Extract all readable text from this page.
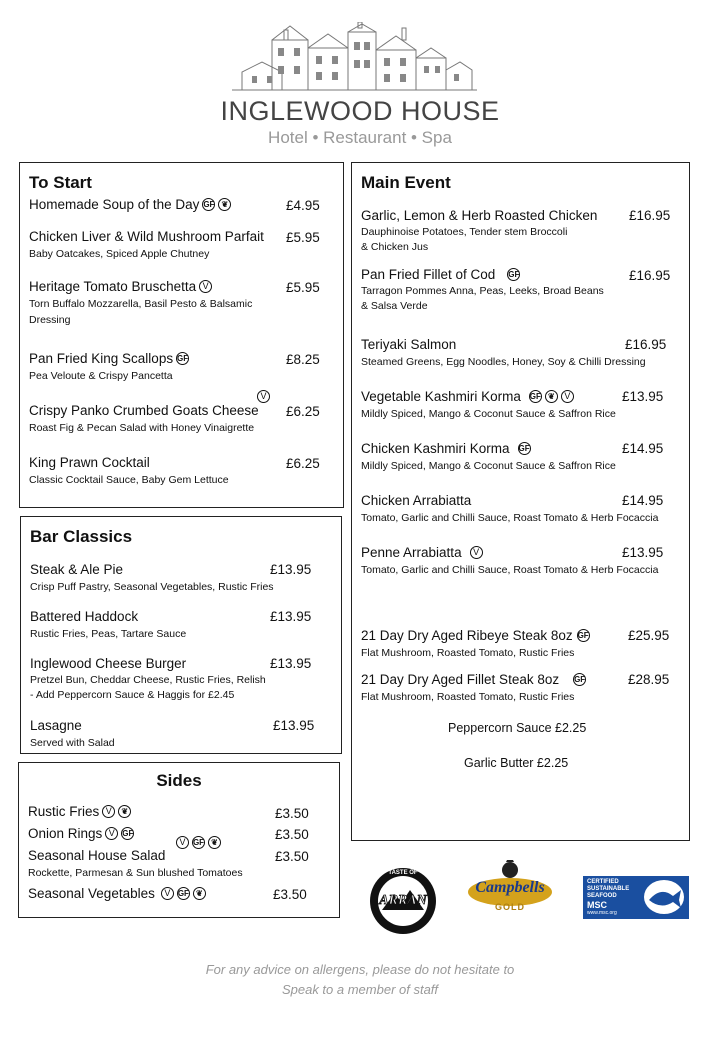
INGLEWOOD HOUSE
Hotel • Restaurant • Spa
To Start
Homemade Soup of the Day GF ❦	£4.95
Chicken Liver & Wild Mushroom Parfait
Baby Oatcakes, Spiced Apple Chutney
£5.95
Heritage Tomato Bruschetta V
Torn Buffalo Mozzarella, Basil Pesto & Balsamic Dressing
£5.95
Pan Fried King Scallops GF
Pea Veloute & Crispy Pancetta
£8.25
V
Crispy Panko Crumbed Goats Cheese
Roast Fig & Pecan Salad with Honey Vinaigrette
£6.25
King Prawn Cocktail
Classic Cocktail Sauce, Baby Gem Lettuce
£6.25
Bar Classics
Steak & Ale Pie
Crisp Puff Pastry, Seasonal Vegetables, Rustic Fries
£13.95
Battered Haddock
Rustic Fries, Peas, Tartare Sauce
£13.95
Inglewood Cheese Burger
Pretzel Bun, Cheddar Cheese, Rustic Fries, Relish
- Add Peppercorn Sauce & Haggis for £2.45
£13.95
Lasagne
Served with Salad
£13.95
Sides
Rustic Fries V	❦	£3.50
Onion Rings V GF	£3.50
V GF ❦
Seasonal House Salad
Rockette, Parmesan & Sun blushed Tomatoes
£3.50
Seasonal Vegetables	V GF ❦	£3.50
Main Event
Garlic, Lemon & Herb Roasted Chicken
Dauphinoise Potatoes, Tender stem Broccoli
& Chicken Jus
£16.95
Pan Fried Fillet of Cod GF
Tarragon Pommes Anna, Peas, Leeks, Broad Beans
& Salsa Verde
£16.95
Teriyaki Salmon
Steamed Greens, Egg Noodles, Honey, Soy & Chilli Dressing
£16.95
Vegetable Kashmiri Korma GF ❦	V
Mildly Spiced, Mango & Coconut Sauce & Saffron Rice
£13.95
Chicken Kashmiri Korma GF
Mildly Spiced, Mango & Coconut Sauce & Saffron Rice
£14.95
Chicken Arrabiatta
Tomato, Garlic and Chilli Sauce, Roast Tomato & Herb Focaccia
£14.95
Penne Arrabiatta	V
Tomato, Garlic and Chilli Sauce, Roast Tomato & Herb Focaccia
£13.95
21 Day Dry Aged Ribeye Steak 8oz GF
Flat Mushroom, Roasted Tomato, Rustic Fries
£25.95
21 Day Dry Aged Fillet Steak 8oz GF
Flat Mushroom, Roasted Tomato, Rustic Fries
£28.95
Peppercorn Sauce £2.25
Garlic Butter £2.25
TASTE OF
ARRAN
Campbells
GOLD
CERTIFIED
SUSTAINABLE
SEAFOOD
MSC
www.msc.org
For any advice on allergens, please do not hesitate to
Speak to a member of staff
